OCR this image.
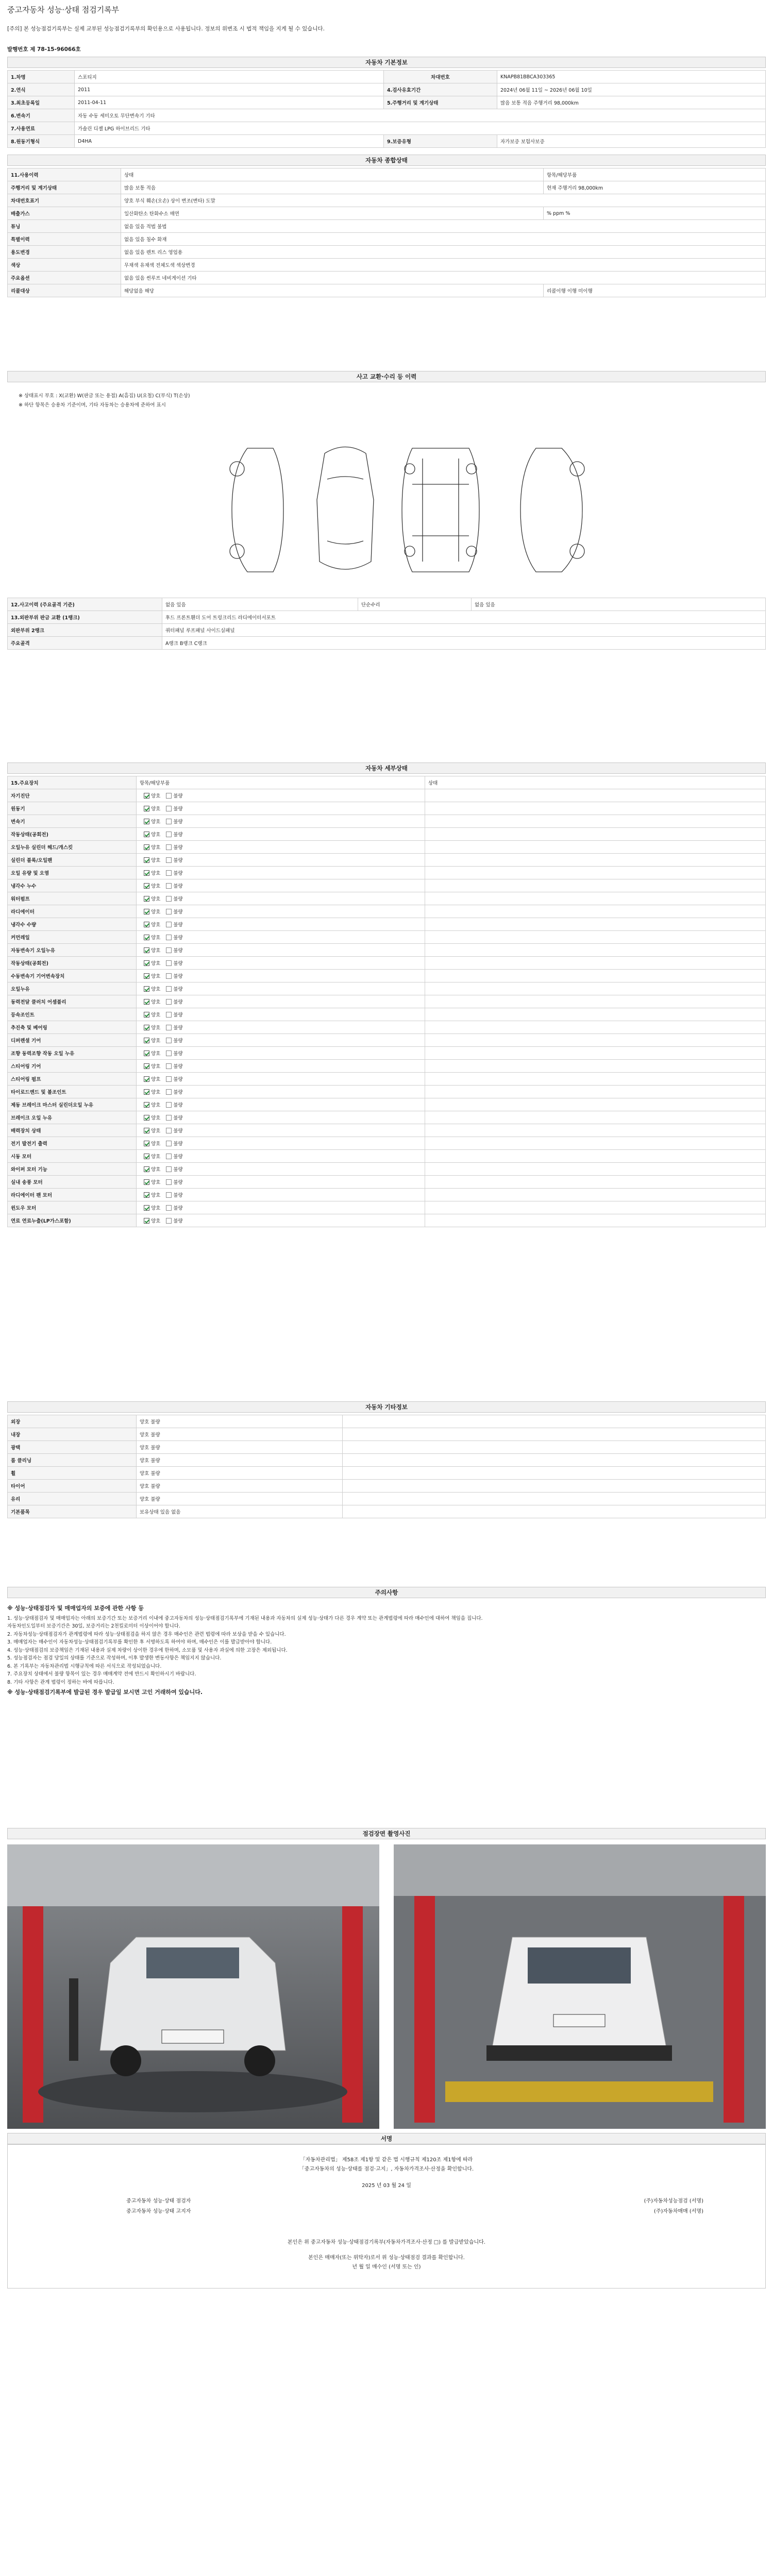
중고자동차 성능·상태 점검기록부
[주의] 본 성능점검기록부는 실제 교부된 성능점검기록부의 확인용으로 사용됩니다. 정보의 위변조 시 법적 책임을 지게 될 수 있습니다.
발행번호 제 78-15-96066호
자동차 기본정보
1.차명	스포티지	차대번호	KNAPB81BBCA303365
2.연식	2011	4.검사유효기간	2024년 06월 11일 ~ 2026년 06월 10일
3.최초등록일	2011-04-11	5.주행거리 및 계기상태	많음 보통 적음 주행거리 98,000km
6.변속기	자동 수동 세미오토 무단변속기 기타		
7.사용연료	가솔린 디젤 LPG 하이브리드 기타		
8.원동기형식	D4HA	9.보증유형	자가보증 보험사보증
자동차 종합상태
11.사용이력	상태	항목/해당부품
주행거리 및 계기상태	많음 보통 적음	현재 주행거리 98,000km
차대번호표기	양호 부식 훼손(오손) 상이 변조(변타) 도말	
배출가스	일산화탄소 탄화수소 매연	% ppm %
튜닝	없음 있음 적법 불법	
특별이력	없음 있음 침수 화재	
용도변경	없음 있음 렌트 리스 영업용	
색상	무채색 유채색 전체도색 색상변경	
주요옵션	없음 있음 썬루프 네비게이션 기타	
리콜대상	해당없음 해당	리콜이행 이행 미이행
사고 교환·수리 등 이력
※ 상태표시 부호 : X(교환) W(판금 또는 용접) A(흠집) U(요철) C(부식) T(손상)
※ 하단 항목은 승용차 기준이며, 기타 자동차는 승용차에 준하여 표시
12.사고이력 (주요골격 기준)	없음 있음	단순수리	없음 있음
13.외판부위 판금 교환 (1랭크)	후드 프론트휀더 도어 트렁크리드 라디에이터서포트		
외판부위 2랭크	쿼터패널 루프패널 사이드실패널		
주요골격	A랭크 B랭크 C랭크		
자동차 세부상태
15.주요장치	항목/해당부품	상태
자기진단	양호 불량	
원동기	양호 불량	
변속기	양호 불량	
작동상태(공회전)	양호 불량	
오일누유 실린더 헤드/개스킷	양호 불량	
실린더 블록/오일팬	양호 불량	
오일 유량 및 오염	양호 불량	
냉각수 누수	양호 불량	
워터펌프	양호 불량	
라디에이터	양호 불량	
냉각수 수량	양호 불량	
커먼레일	양호 불량	
자동변속기 오일누유	양호 불량	
작동상태(공회전)	양호 불량	
수동변속기 기어변속장치	양호 불량	
오일누유	양호 불량	
동력전달 클러치 어셈블리	양호 불량	
등속조인트	양호 불량	
추진축 및 베어링	양호 불량	
디퍼렌셜 기어	양호 불량	
조향 동력조향 작동 오일 누유	양호 불량	
스티어링 기어	양호 불량	
스티어링 펌프	양호 불량	
타이로드엔드 및 볼조인트	양호 불량	
제동 브레이크 마스터 실린더오일 누유	양호 불량	
브레이크 오일 누유	양호 불량	
배력장치 상태	양호 불량	
전기 발전기 출력	양호 불량	
시동 모터	양호 불량	
와이퍼 모터 기능	양호 불량	
실내 송풍 모터	양호 불량	
라디에이터 팬 모터	양호 불량	
윈도우 모터	양호 불량	
연료 연료누출(LP가스포함)	양호 불량	
자동차 기타정보
외장	양호 불량	
내장	양호 불량	
광택	양호 불량	
룸 클리닝	양호 불량	
휠	양호 불량	
타이어	양호 불량	
유리	양호 불량	
기본품목	보유상태 있음 없음	
주의사항
※ 성능·상태점검자 및 매매업자의 보증에 관한 사항 등
1. 성능·상태점검자 및 매매업자는 아래의 보증기간 또는 보증거리 이내에 중고자동차의 성능·상태점검기록부에 기재된 내용과 자동차의 실제 성능·상태가 다른 경우 계약 또는 관계법령에 따라 매수인에 대하여 책임을 집니다.
자동차인도일부터 보증기간은 30일, 보증거리는 2천킬로미터 이상이어야 합니다.
2. 자동차성능·상태점검자가 관계법령에 따라 성능·상태점검을 하지 않은 경우 매수인은 관련 법령에 따라 보상을 받을 수 있습니다.
3. 매매업자는 매수인이 자동차성능·상태점검기록부를 확인한 후 서명하도록 하여야 하며, 매수인은 이를 발급받아야 합니다.
4. 성능·상태점검의 보증책임은 기재된 내용과 실제 차량이 상이한 경우에 한하며, 소모품 및 사용자 과실에 의한 고장은 제외됩니다.
5. 성능점검자는 점검 당일의 상태를 기준으로 작성하며, 이후 발생한 변동사항은 책임지지 않습니다.
6. 본 기록부는 자동차관리법 시행규칙에 따른 서식으로 작성되었습니다.
7. 주요장치 상태에서 불량 항목이 있는 경우 매매계약 전에 반드시 확인하시기 바랍니다.
8. 기타 사항은 관계 법령이 정하는 바에 따릅니다.
※ 성능·상태점검기록부에 발급된 경우 발급일 보시면 고인 거래하여 있습니다.
점검장면 촬영사진
서명
「자동차관리법」 제58조 제1항 및 같은 법 시행규칙 제120조 제1항에 따라
「중고자동차의 성능·상태를 점검·고지」, 자동차가격조사·산정을 확인합니다.
2025 년 03 월 24 일
중고자동차 성능·상태 점검자	(주)자동차성능점검 (서명)
중고자동차 성능·상태 고지자	(주)자동차매매 (서명)
본인은 위 중고자동차 성능·상태점검기록부(자동차가격조사·산정 □) 를 발급받았습니다.
본인은 매매자(또는 위탁자)로서 위 성능·상태점검 결과를 확인합니다.
년 월 일 매수인 (서명 또는 인)
